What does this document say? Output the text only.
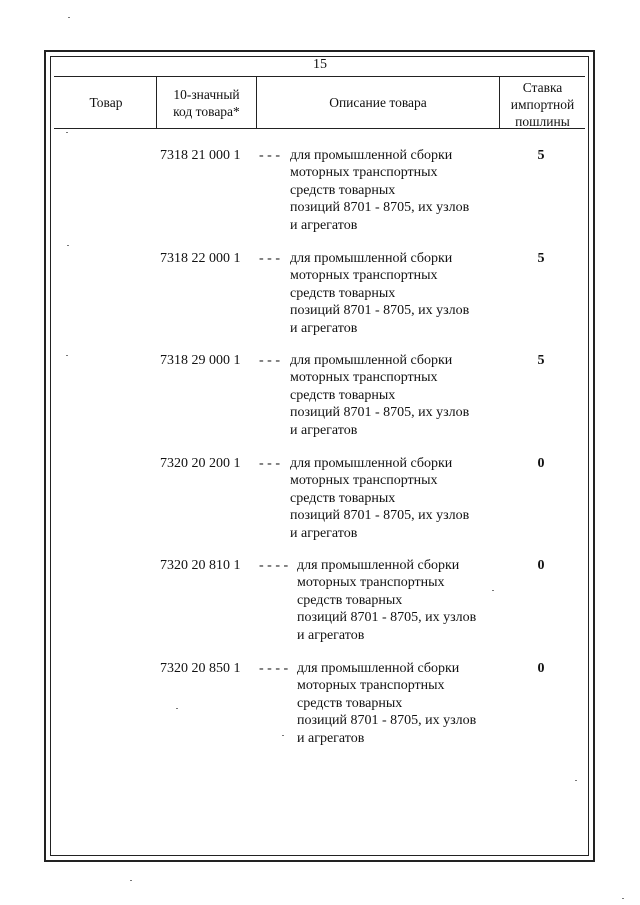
15
Товар
10-значный
код товара*
Описание товара
Ставка
импортной
пошлины
7318 21 000 1 - - - для промышленной сборки
моторных транспортных
средств товарных
позиций 8701 - 8705, их узлов
и агрегатов
5
7318 22 000 1 - - - для промышленной сборки
моторных транспортных
средств товарных
позиций 8701 - 8705, их узлов
и агрегатов
5
7318 29 000 1 - - - для промышленной сборки
моторных транспортных
средств товарных
позиций 8701 - 8705, их узлов
и агрегатов
5
7320 20 200 1 - - - для промышленной сборки
моторных транспортных
средств товарных
позиций 8701 - 8705, их узлов
и агрегатов
0
7320 20 810 1 - - - - для промышленной сборки
моторных транспортных
средств товарных
позиций 8701 - 8705, их узлов
и агрегатов
0
7320 20 850 1 - - - - для промышленной сборки
моторных транспортных
средств товарных
позиций 8701 - 8705, их узлов
и агрегатов
0
